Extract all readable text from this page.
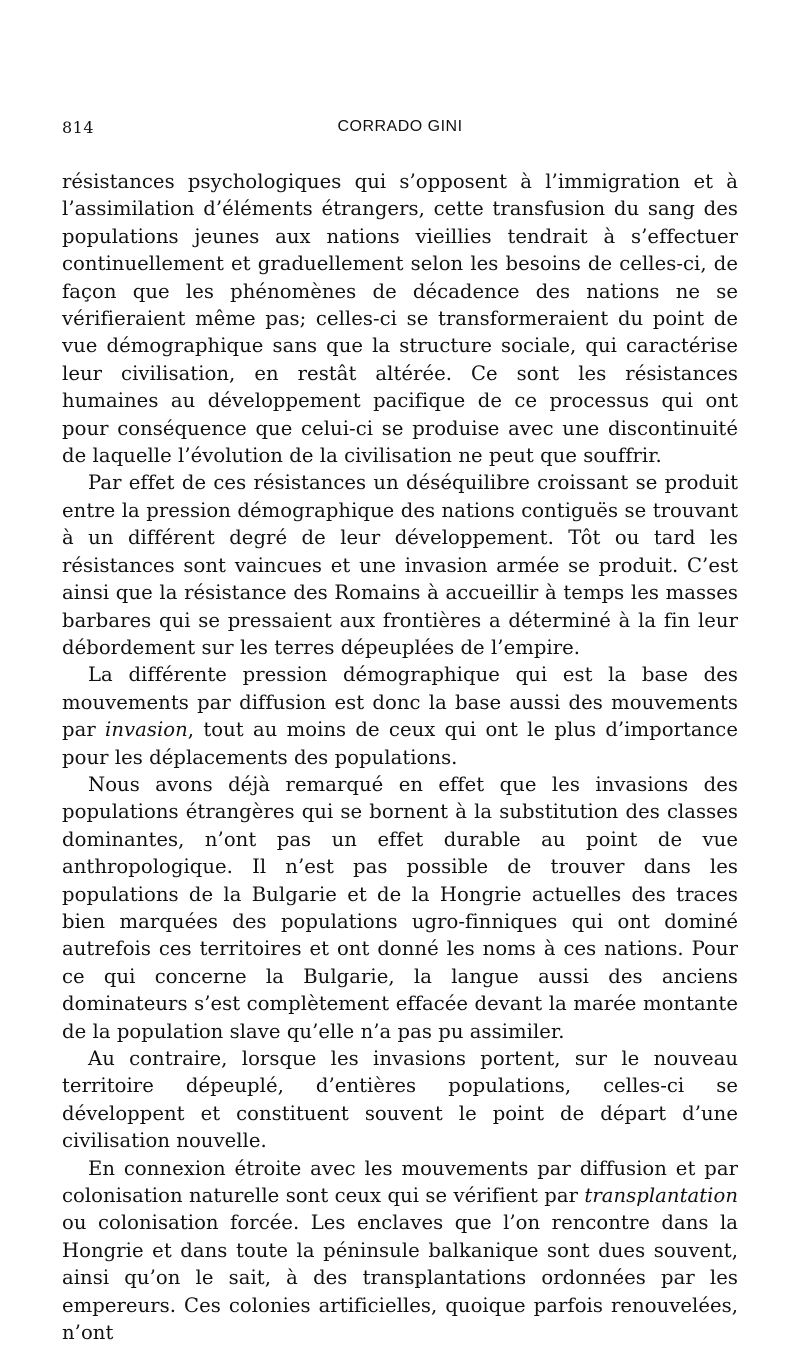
814	CORRADO GINI

résistances psychologiques qui s’opposent à l’immigration et à l’assimilation d’éléments étrangers, cette transfusion du sang des populations jeunes aux nations vieillies tendrait à s’effectuer continuellement et graduellement selon les besoins de celles-ci, de façon que les phénomènes de décadence des nations ne se vérifieraient même pas; celles-ci se transformeraient du point de vue démographique sans que la structure sociale, qui caractérise leur civilisation, en restât altérée. Ce sont les résistances humaines au développement pacifique de ce processus qui ont pour conséquence que celui-ci se produise avec une discontinuité de laquelle l’évolution de la civilisation ne peut que souffrir.

Par effet de ces résistances un déséquilibre croissant se produit entre la pression démographique des nations contiguës se trouvant à un différent degré de leur développement. Tôt ou tard les résistances sont vaincues et une invasion armée se produit. C’est ainsi que la résistance des Romains à accueillir à temps les masses barbares qui se pressaient aux frontières a déterminé à la fin leur débordement sur les terres dépeuplées de l’empire.

La différente pression démographique qui est la base des mouvements par diffusion est donc la base aussi des mouvements par invasion, tout au moins de ceux qui ont le plus d’importance pour les déplacements des populations.

Nous avons déjà remarqué en effet que les invasions des populations étrangères qui se bornent à la substitution des classes dominantes, n’ont pas un effet durable au point de vue anthropologique. Il n’est pas possible de trouver dans les populations de la Bulgarie et de la Hongrie actuelles des traces bien marquées des populations ugro-finniques qui ont dominé autrefois ces territoires et ont donné les noms à ces nations. Pour ce qui concerne la Bulgarie, la langue aussi des anciens dominateurs s’est complètement effacée devant la marée montante de la population slave qu’elle n’a pas pu assimiler.

Au contraire, lorsque les invasions portent, sur le nouveau territoire dépeuplé, d’entières populations, celles-ci se développent et constituent souvent le point de départ d’une civilisation nouvelle.

En connexion étroite avec les mouvements par diffusion et par colonisation naturelle sont ceux qui se vérifient par transplantation ou colonisation forcée. Les enclaves que l’on rencontre dans la Hongrie et dans toute la péninsule balkanique sont dues souvent, ainsi qu’on le sait, à des transplantations ordonnées par les empereurs. Ces colonies artificielles, quoique parfois renouvelées, n’ont
